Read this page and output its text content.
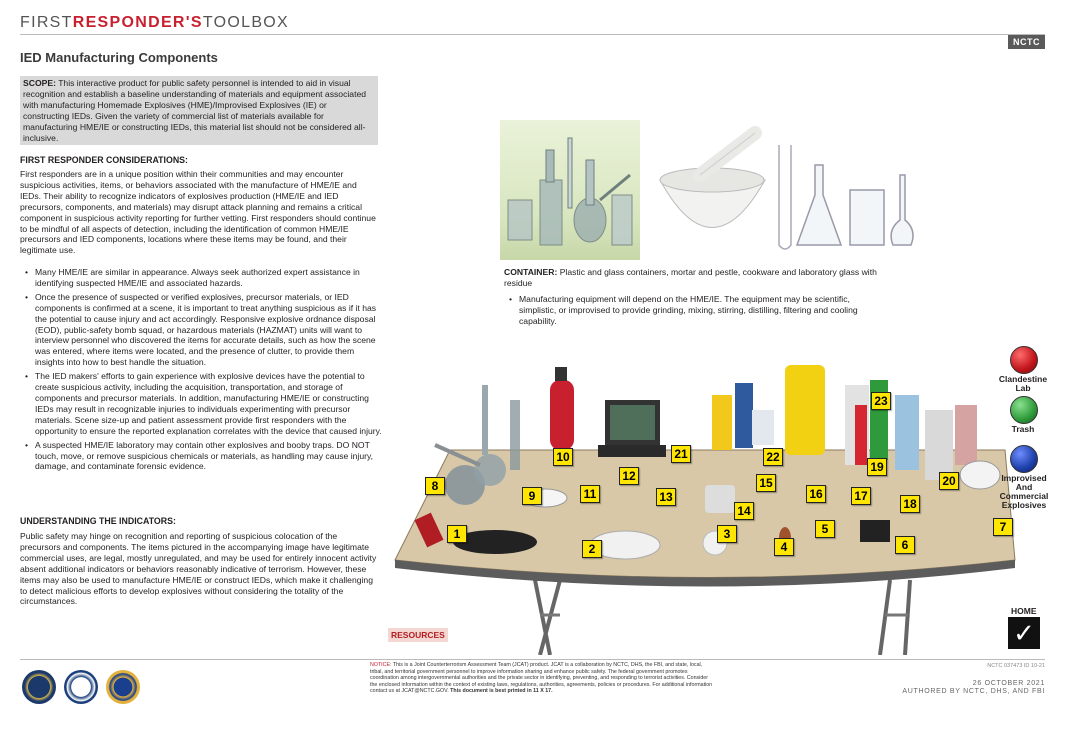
FIRSTRESPONDER'STOOLBOX
NCTC
IED Manufacturing Components
SCOPE: This interactive product for public safety personnel is intended to aid in visual recognition and establish a baseline understanding of materials and equipment associated with manufacturing Homemade Explosives (HME)/Improvised Explosives (IE) or constructing IEDs. Given the variety of commercial list of materials available for manufacturing HME/IE or constructing IEDs, this material list should not be considered all-inclusive.
FIRST RESPONDER CONSIDERATIONS:
First responders are in a unique position within their communities and may encounter suspicious activities, items, or behaviors associated with the manufacture of HME/IE and IEDs. Their ability to recognize indicators of explosives production (HME/IE and IED precursors, components, and materials) may disrupt attack planning and remains a critical component in suspicious activity reporting for further vetting. First responders should continue to be mindful of all aspects of detection, including the identification of common HME/IE precursors and IED components, locations where these items may be found, and their legitimate use.
• Many HME/IE are similar in appearance. Always seek authorized expert assistance in identifying suspected HME/IE and associated hazards.
• Once the presence of suspected or verified explosives, precursor materials, or IED components is confirmed at a scene, it is important to treat anything suspicious as if it has the potential to cause injury and act accordingly. Responsive explosive ordnance disposal (EOD), public-safety bomb squad, or hazardous materials (HAZMAT) units will want to interview personnel who discovered the items for accurate details, such as how the scene was entered, where items were located, and the presence of clutter, to provide them insights into how to best handle the situation.
• The IED makers' efforts to gain experience with explosive devices have the potential to create suspicious activity, including the acquisition, transportation, and storage of components and precursor materials. In addition, manufacturing HME/IE or constructing IEDs may result in recognizable injuries to individuals experimenting with precursor materials. Scene size-up and patient assessment provide first responders with the opportunity to ensure the reported explanation correlates with the device that caused injury.
• A suspected HME/IE laboratory may contain other explosives and booby traps. DO NOT touch, move, or remove suspicious chemicals or materials, as handling may cause injury, damage, and contaminate forensic evidence.
UNDERSTANDING THE INDICATORS:
Public safety may hinge on recognition and reporting of suspicious colocation of the precursors and components. The items pictured in the accompanying image have legitimate commercial uses, are legal, mostly unregulated, and may be used for entirely innocent activity absent additional indicators or behaviors reasonably indicative of terrorism. However, these items may also be used to manufacture HME/IE or construct IEDs, which make it challenging to detect malicious efforts to develop explosives without considering the totality of the circumstances.
CONTAINER: Plastic and glass containers, mortar and pestle, cookware and laboratory glass with residue
• Manufacturing equipment will depend on the HME/IE. The equipment may be scientific, simplistic, or improvised to provide grinding, mixing, stirring, distilling, filtering and cooling capability.
1
2
3
4
5
6
7
8
9
10
11
12
13
14
15
16	17
18
19
20
21	22
23
Clandestine Lab
Trash
Improvised And Commercial Explosives
HOME
✓
RESOURCES
NOTICE: This is a Joint Counterterrorism Assessment Team (JCAT) product. JCAT is a collaboration by NCTC, DHS, the FBI, and state, local, tribal, and territorial government personnel to improve information sharing and enhance public safety. The federal government promotes coordination among intergovernmental authorities and the private sector in identifying, preventing, and responding to terrorist activities. Consider the enclosed information within the context of existing laws, regulations, authorities, agreements, policies or procedures. For additional information contact us at JCAT@NCTC.GOV. This document is best printed in 11 X 17.
NCTC 037473 ID 10-21
26 OCTOBER 2021
AUTHORED BY NCTC, DHS, AND FBI
